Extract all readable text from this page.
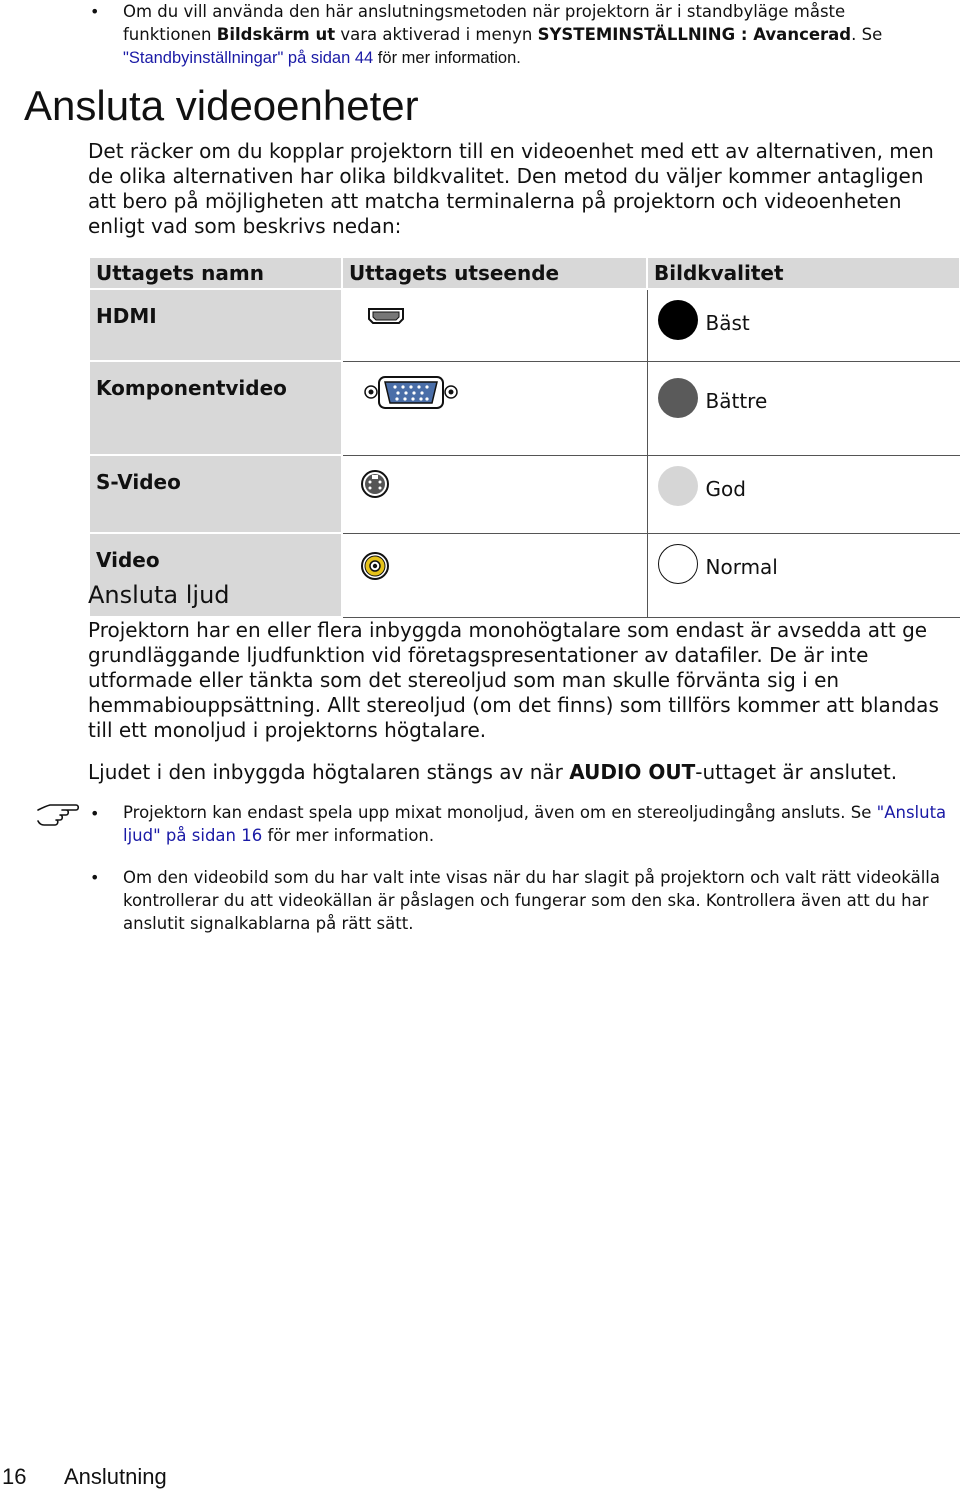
• Om du vill använda den här anslutningsmetoden när projektorn är i standbyläge måste funktionen Bildskärm ut vara aktiverad i menyn SYSTEMINSTÄLLNING : Avancerad. Se "Standbyinställningar" på sidan 44 för mer information.
Ansluta videoenheter
Det räcker om du kopplar projektorn till en videoenhet med ett av alternativen, men de olika alternativen har olika bildkvalitet. Den metod du väljer kommer antagligen att bero på möjligheten att matcha terminalerna på projektorn och videoenheten enligt vad som beskrivs nedan:
Uttagets namn	Uttagets utseende	Bildkvalitet
HDMI		Bäst

Komponentvideo		Bättre

S-Video		God

Video		Normal
Ansluta ljud
Projektorn har en eller flera inbyggda monohögtalare som endast är avsedda att ge grundläggande ljudfunktion vid företagspresentationer av datafiler. De är inte utformade eller tänkta som det stereoljud som man skulle förvänta sig i en hemmabiouppsättning. Allt stereoljud (om det finns) som tillförs kommer att blandas till ett monoljud i projektorns högtalare.
Ljudet i den inbyggda högtalaren stängs av när AUDIO OUT-uttaget är anslutet.
• Projektorn kan endast spela upp mixat monoljud, även om en stereoljudingång ansluts. Se "Ansluta ljud" på sidan 16 för mer information.
• Om den videobild som du har valt inte visas när du har slagit på projektorn och valt rätt videokälla kontrollerar du att videokällan är påslagen och fungerar som den ska. Kontrollera även att du har anslutit signalkablarna på rätt sätt.
16 Anslutning
